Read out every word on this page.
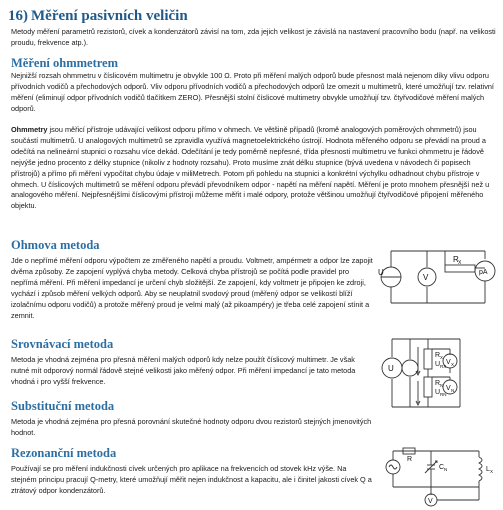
16) Měření pasivních veličin
Metody měření parametrů rezistorů, cívek a kondenzátorů závisí na tom, zda jejich velikost je závislá na nastavení pracovního bodu (např. na velikosti proudu, frekvence atp.).
Měření ohmmetrem
Nejnižší rozsah ohmmetru v číslicovém multimetru je obvykle 100 Ω. Proto při měření malých odporů bude přesnost malá nejenom díky vlivu odporu přívodních vodičů a přechodových odporů. Vliv odporu přívodních vodičů a přechodových odporů lze omezit u multimetrů, které umožňují tzv. relativní měření (eliminují odpor přívodních vodičů tlačítkem ZERO). Přesnější stolní číslicové multimetry obvykle umožňují tzv. čtyřvodičové měření malých odporů.
Ohmmetry jsou měřicí přístroje udávající velikost odporu přímo v ohmech. Ve většině případů (kromě analogových poměrových ohmmetrů) jsou součástí multimetrů. U analogových multimetrů se zpravidla využívá magnetoelektrického ústrojí. Hodnota měřeného odporu se převádí na proud a odečítá na nelineární stupnici o rozsahu více dekád. Odečítání je tedy poměrně nepřesné, třída přesnosti multimetru ve funkci ohmmetru je řádově nejvýše jedno procento z délky stupnice (nikoliv z hodnoty rozsahu). Proto musíme znát délku stupnice (bývá uvedena v návodech či popisech přístrojů) a přímo při měření vypočítat chybu údaje v miliMetrech. Potom při pohledu na stupnici a konkrétní výchylku odhadnout chybu přístroje v ohmech. U číslicových multimetrů se měření odporu převádí převodníkem odpor - napětí na měření napětí. Měření je proto mnohem přesnější než u analogového měření. Nejpřesnějšími číslicovými přístroji můžeme měřit i malé odpory, protože většinou umožňují čtyřvodičové připojení měřeného objektu.
Ohmova metoda
Jde o nepřímé měření odporu výpočtem ze změřeného napětí a proudu. Voltmetr, ampérmetr a odpor lze zapojit dvěma způsoby. Ze zapojení vyplývá chyba metody. Celková chyba přístrojů se počítá podle pravidel pro nepřímá měření. Při měření impedancí je určení chyb složitější. Ze zapojení, kdy voltmetr je připojen ke zdroji, vychází i způsob měření velkých odporů. Aby se neuplatnil svodový proud (měřený odpor se velikostí blíží izolačnímu odporu vodičů) a protože měřený proud je velmi malý (až pikoampéry) je třeba celé zapojení stínit a zemnit.
Srovnávací metoda
Metoda je vhodná zejména pro přesná měření malých odporů kdy nelze použít číslicový multimetr. Je však nutné mít odporový normál řádově stejné velikosti jako měřený odpor. Při měření impedancí je tato metoda vhodná i pro vyšší frekvence.
Substituční metoda
Metoda je vhodná zejména pro přesná porovnání skutečné hodnoty odporu dvou rezistorů stejných jmenovitých hodnot.
Rezonanční metoda
Používají se pro měření indukčnosti cívek určených pro aplikace na frekvencích od stovek kHz výše. Na stejném principu pracují Q-metry, které umožňují měřit nejen indukčnost a kapacitu, ale i činitel jakosti cívek Q a ztrátový odpor kondenzátorů.
U
V
R X
pA
U
R X
U RX
R N
U RN
V X
V N
R
C N	L X
V
